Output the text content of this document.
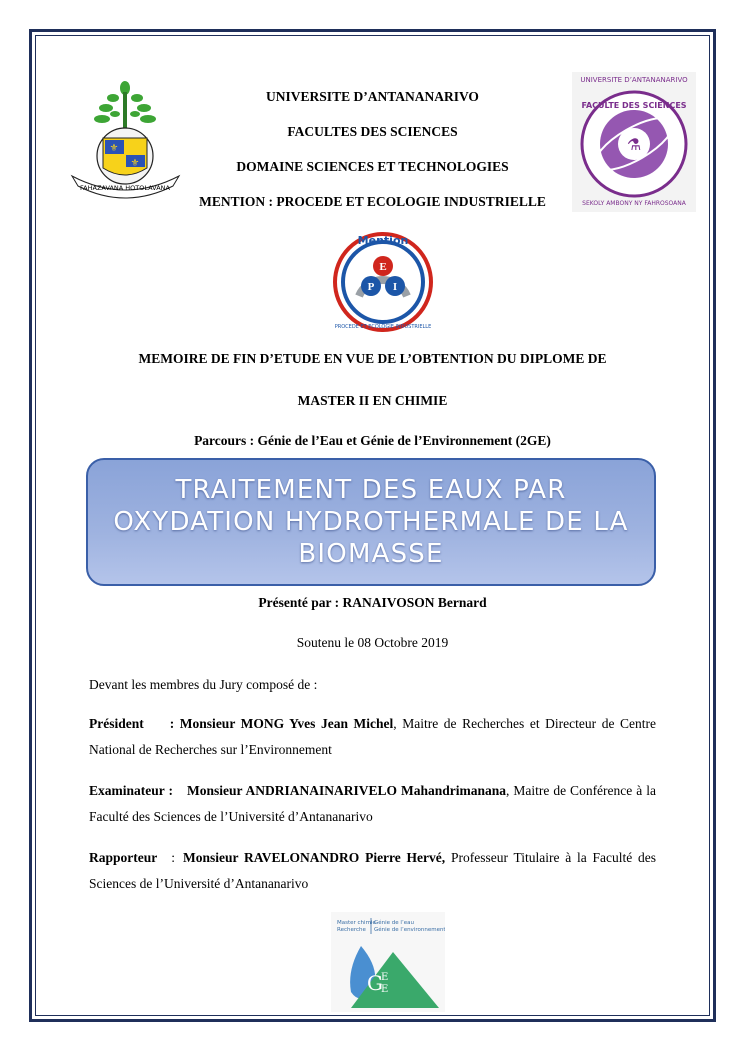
⚜
⚜
FAHAZAVANA HOTOLAVANA
UNIVERSITE D’ANTANANARIVO
⚗
FACULTE DES SCIENCES
SEKOLY AMBONY NY FAHROSOANA
UNIVERSITE D’ANTANANARIVO
FACULTES DES SCIENCES
DOMAINE SCIENCES ET TECHNOLOGIES
MENTION : PROCEDE ET ECOLOGIE INDUSTRIELLE
Mention
PROCEDE ET ECOLOGIE INDUSTRIELLE
E
P I
MEMOIRE DE FIN D’ETUDE EN VUE DE L’OBTENTION DU DIPLOME DE
MASTER II EN CHIMIE
Parcours : Génie de l’Eau et Génie de l’Environnement (2GE)
TRAITEMENT DES EAUX PAR
OXYDATION HYDROTHERMALE DE LA
BIOMASSE
Présenté par : RANAIVOSON Bernard
Soutenu le 08 Octobre 2019
Devant les membres du Jury composé de :
Président : Monsieur MONG Yves Jean Michel, Maitre de Recherches et Directeur de Centre National de Recherches sur l’Environnement
Examinateur : Monsieur ANDRIANAINARIVELO Mahandrimanana, Maitre de Conférence à la Faculté des Sciences de l’Université d’Antananarivo
Rapporteur : Monsieur RAVELONANDRO Pierre Hervé, Professeur Titulaire à la Faculté des Sciences de l’Université d’Antananarivo
Master chimie
Recherche
Génie de l’eau
Génie de l’environnement
G
E
E
